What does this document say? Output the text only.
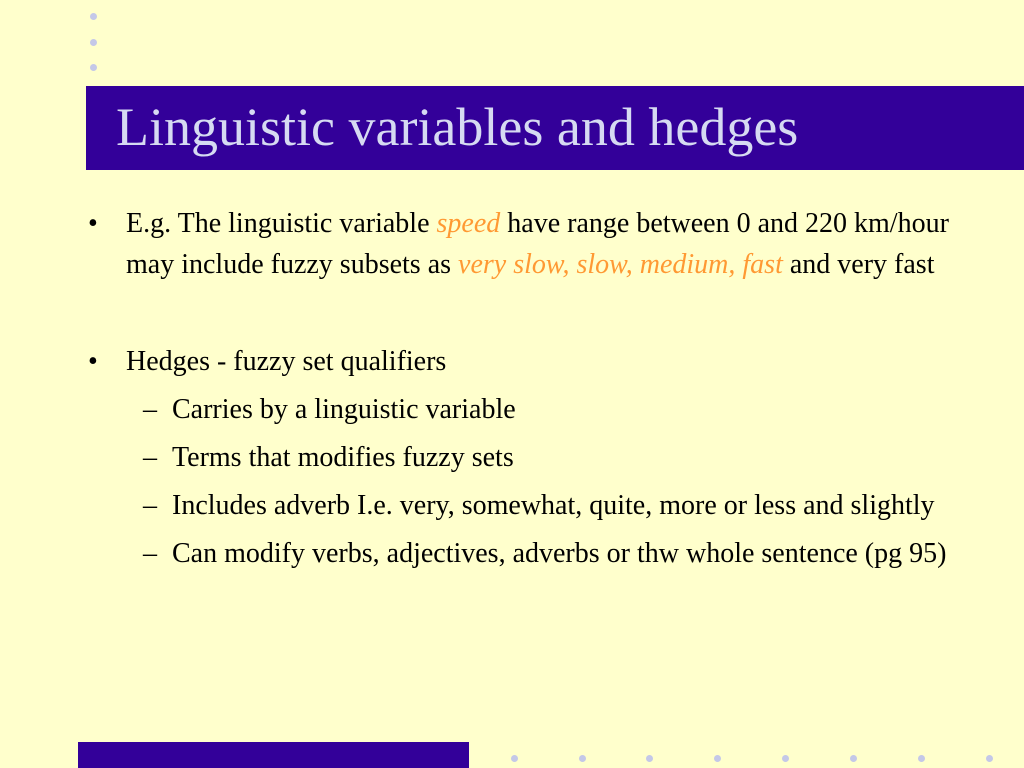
Linguistic variables and hedges
• E.g. The linguistic variable speed have range between 0 and 220 km/hour may include fuzzy subsets as very slow, slow, medium, fast and very fast
• Hedges - fuzzy set qualifiers
– Carries by a linguistic variable
– Terms that modifies fuzzy sets
– Includes adverb I.e. very, somewhat, quite, more or less and slightly
– Can modify verbs, adjectives, adverbs or thw whole sentence (pg 95)
